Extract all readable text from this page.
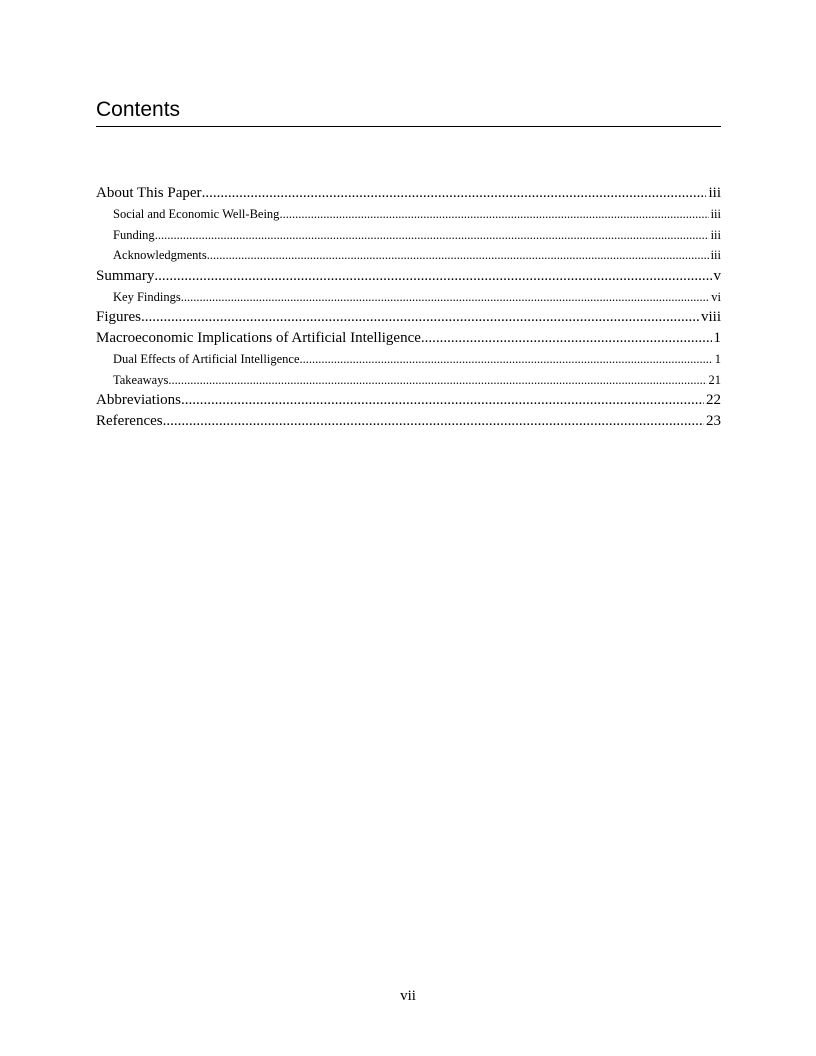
Contents
About This Paper .....	iii
Social and Economic Well-Being .....	iii
Funding .....	iii
Acknowledgments .....	iii
Summary .....	v
Key Findings .....	vi
Figures .....	viii
Macroeconomic Implications of Artificial Intelligence .....	1
Dual Effects of Artificial Intelligence .....	1
Takeaways .....	21
Abbreviations .....	22
References .....	23
vii
